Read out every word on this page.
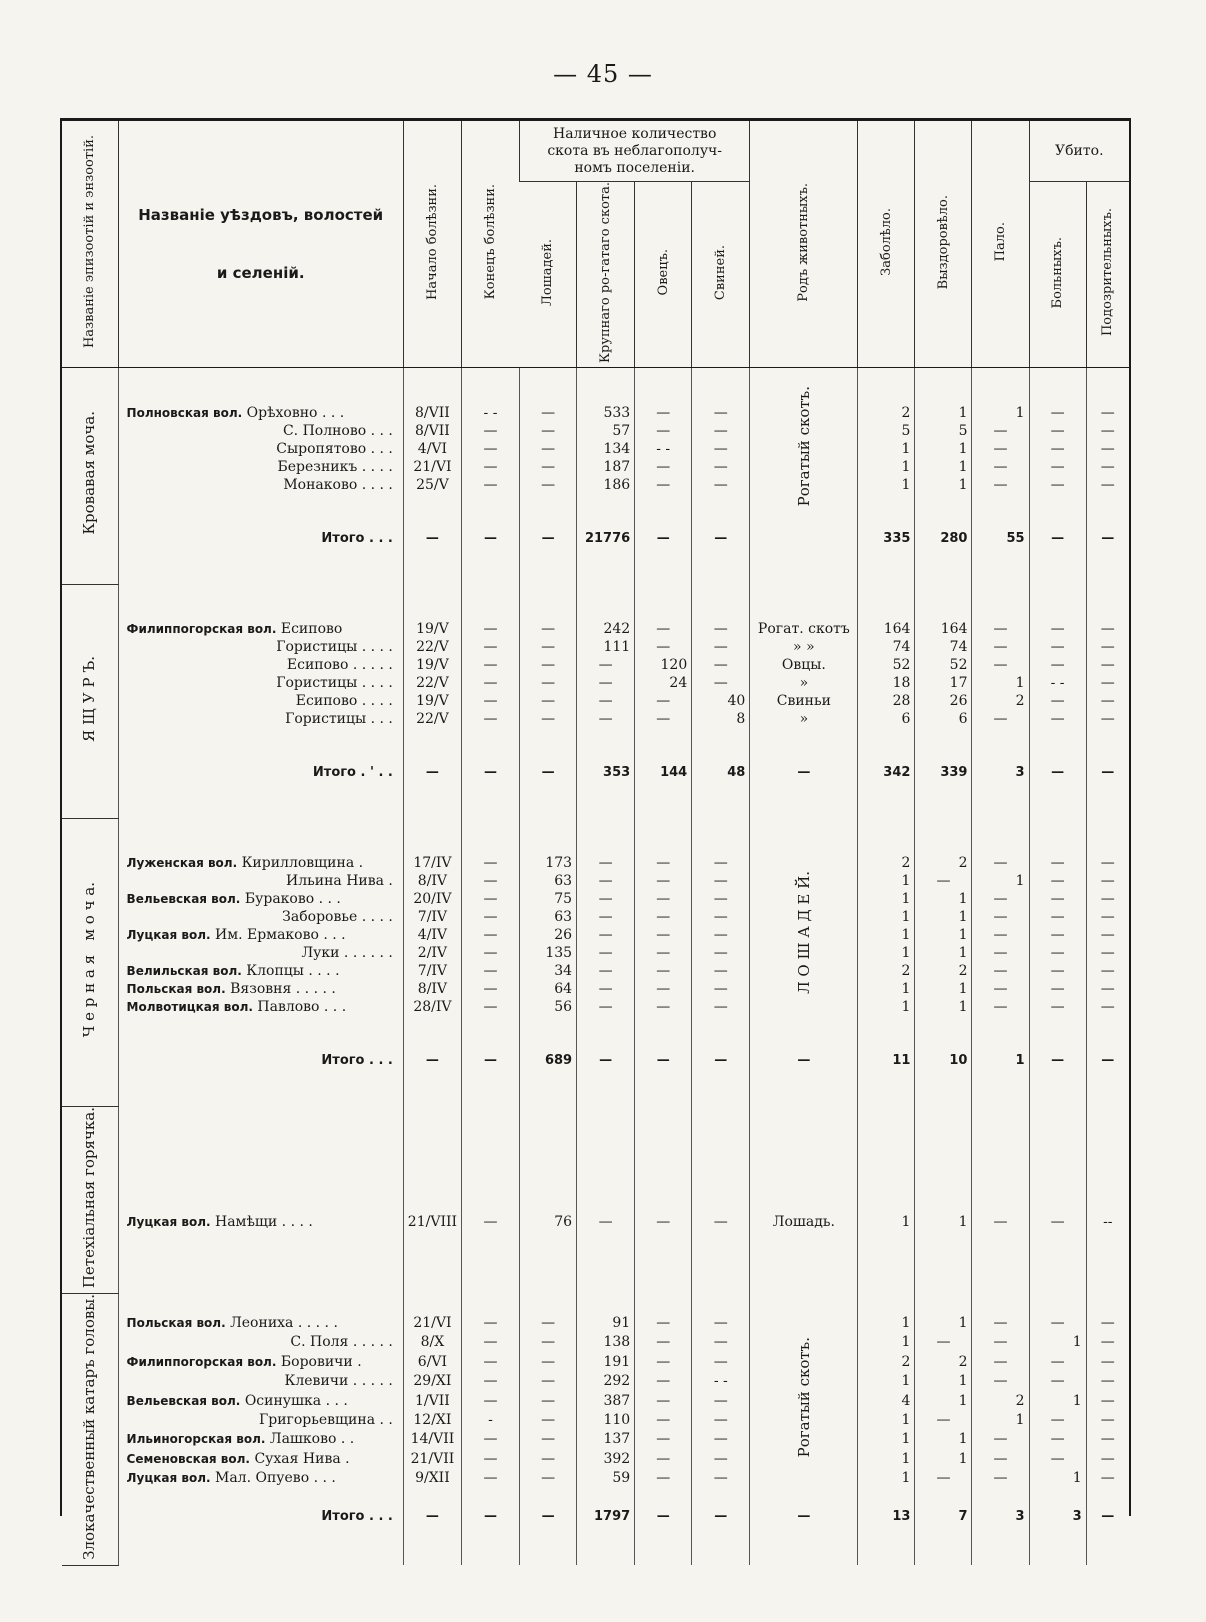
— 45 —
Названіе эпизоотій и энзоотій.	Названіе уѣздовъ, волостей
и селеній.	Начало болѣзни.	Конецъ болѣзни.	Наличное количество скота въ неблагополуч-номъ поселеніи.				Родъ животныхъ.	Заболѣло.	Выздоровѣло.	Пало.	Убито.	
				Лошадей.	Крупнаго ро-гатаго скота.	Овецъ.	Свиней.					Больныхъ.	Подозрительныхъ.
Кровавая моча.								Рогатый скотъ.					

	Полновская вол. Орѣховно . . .	8/VII	- -	—	533	—	—		2	1	1	—	—
	С. Полново . . .	8/VII	—	—	57	—	—		5	5	—	—	—
	Сыропятово . . .	4/VI	—	—	134	- -	—		1	1	—	—	—
	Березникъ . . . .	21/VI	—	—	187	—	—		1	1	—	—	—
	Монаково . . . .	25/V	—	—	186	—	—		1	1	—	—	—

	Итого . . .	—	—	—	21776	—	—		335	280	55	—	—

Я Щ У Р Ъ.													

	Филиппогорская вол. Есиповo	19/V	—	—	242	—	—	Рогат. скотъ	164	164	—	—	—
	Гористицы . . . .	22/V	—	—	111	—	—	» »	74	74	—	—	—
	Есипово . . . . .	19/V	—	—	—	120	—	Овцы.	52	52	—	—	—
	Гористицы . . . .	22/V	—	—	—	24	—	»	18	17	1	- -	—
	Есипово . . . .	19/V	—	—	—	—	40	Свиньи	28	26	2	—	—
	Гористицы . . .	22/V	—	—	—	—	8	»	6	6	—	—	—

	Итого . ' . .	—	—	—	353	144	48	—	342	339	3	—	—

Ч е р н а я   м о ч а.								Л О Ш А Д Е Й.					

	Луженская вол. Кирилловщина .	17/IV	—	173	—	—	—		2	2	—	—	—
	Ильина Нива .	8/IV	—	63	—	—	—		1	—	1	—	—
	Вельевская вол. Бураково . . .	20/IV	—	75	—	—	—		1	1	—	—	—
	Заборовье . . . .	7/IV	—	63	—	—	—		1	1	—	—	—
	Луцкая вол. Им. Ермаково . . .	4/IV	—	26	—	—	—		1	1	—	—	—
	Луки . . . . . .	2/IV	—	135	—	—	—		1	1	—	—	—
	Велильская вол. Клопцы . . . .	7/IV	—	34	—	—	—		2	2	—	—	—
	Польская вол. Вязовня . . . . .	8/IV	—	64	—	—	—		1	1	—	—	—
	Молвотицкая вол. Павлово . . .	28/IV	—	56	—	—	—		1	1	—	—	—

	Итого . . .	—	—	689	—	—	—	—	11	10	1	—	—

Петехіальная горячка.													
	Луцкая вол. Намѣщи . . . .	21/VIII	—	76	—	—	—	Лошадь.	1	1	—	—	--

Злокачественный катаръ головы.								Рогатый скотъ.					
	Польская вол. Леониха . . . . .	21/VI	—	—	91	—	—		1	1	—	—	—
	С. Поля . . . . .	8/X	—	—	138	—	—		1	—	—	1	—
	Филиппогорская вол. Боровичи .	6/VI	—	—	191	—	—		2	2	—	—	—
	Клевичи . . . . .	29/XI	—	—	292	—	- -		1	1	—	—	—
	Вельевская вол. Осинушка . . .	1/VII	—	—	387	—	—		4	1	2	1	—
	Григорьевщина . .	12/XI	-	—	110	—	—		1	—	1	—	—
	Ильиногорская вол. Лашково . .	14/VII	—	—	137	—	—		1	1	—	—	—
	Семеновская вол. Сухая Нива .	21/VII	—	—	392	—	—		1	1	—	—	—
	Луцкая вол. Мал. Опуево . . .	9/XII	—	—	59	—	—		1	—	—	1	—

	Итого . . .	—	—	—	1797	—	—	—	13	7	3	3	—
